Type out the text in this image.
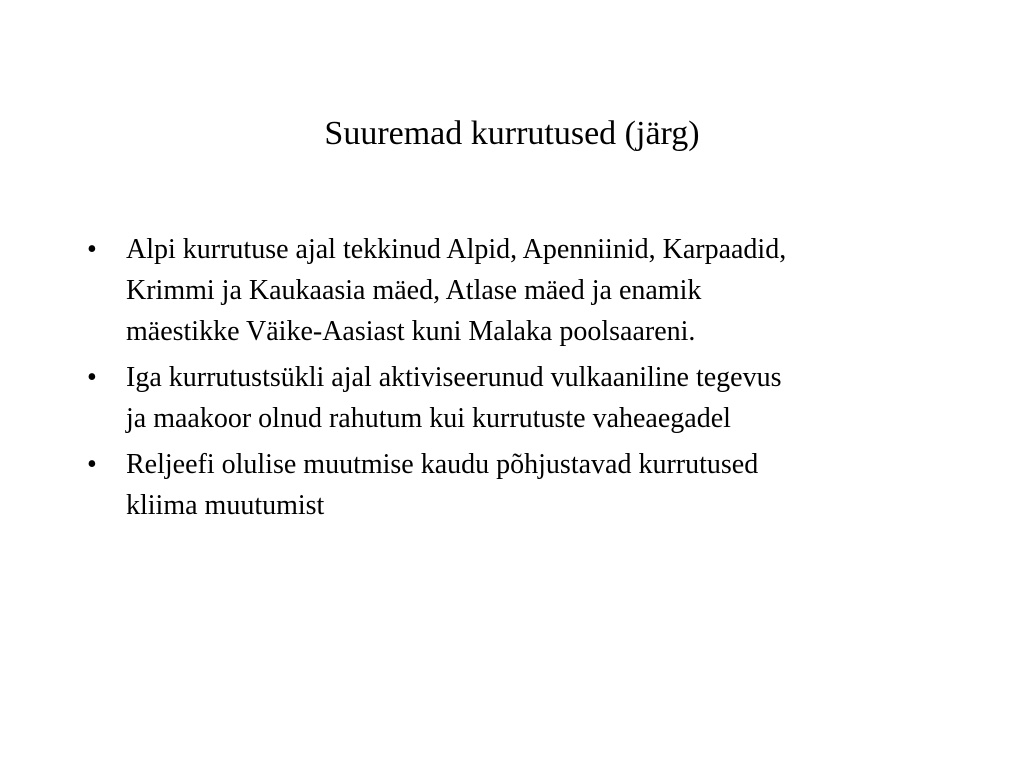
Suuremad kurrutused (järg)
• Alpi kurrutuse ajal tekkinud Alpid, Apenniinid, Karpaadid,
Krimmi ja Kaukaasia mäed, Atlase mäed ja enamik
mäestikke Väike-Aasiast kuni Malaka poolsaareni.
• Iga kurrutustsükli ajal aktiviseerunud vulkaaniline tegevus
ja maakoor olnud rahutum kui kurrutuste vaheaegadel
• Reljeefi olulise muutmise kaudu põhjustavad kurrutused
kliima muutumist
